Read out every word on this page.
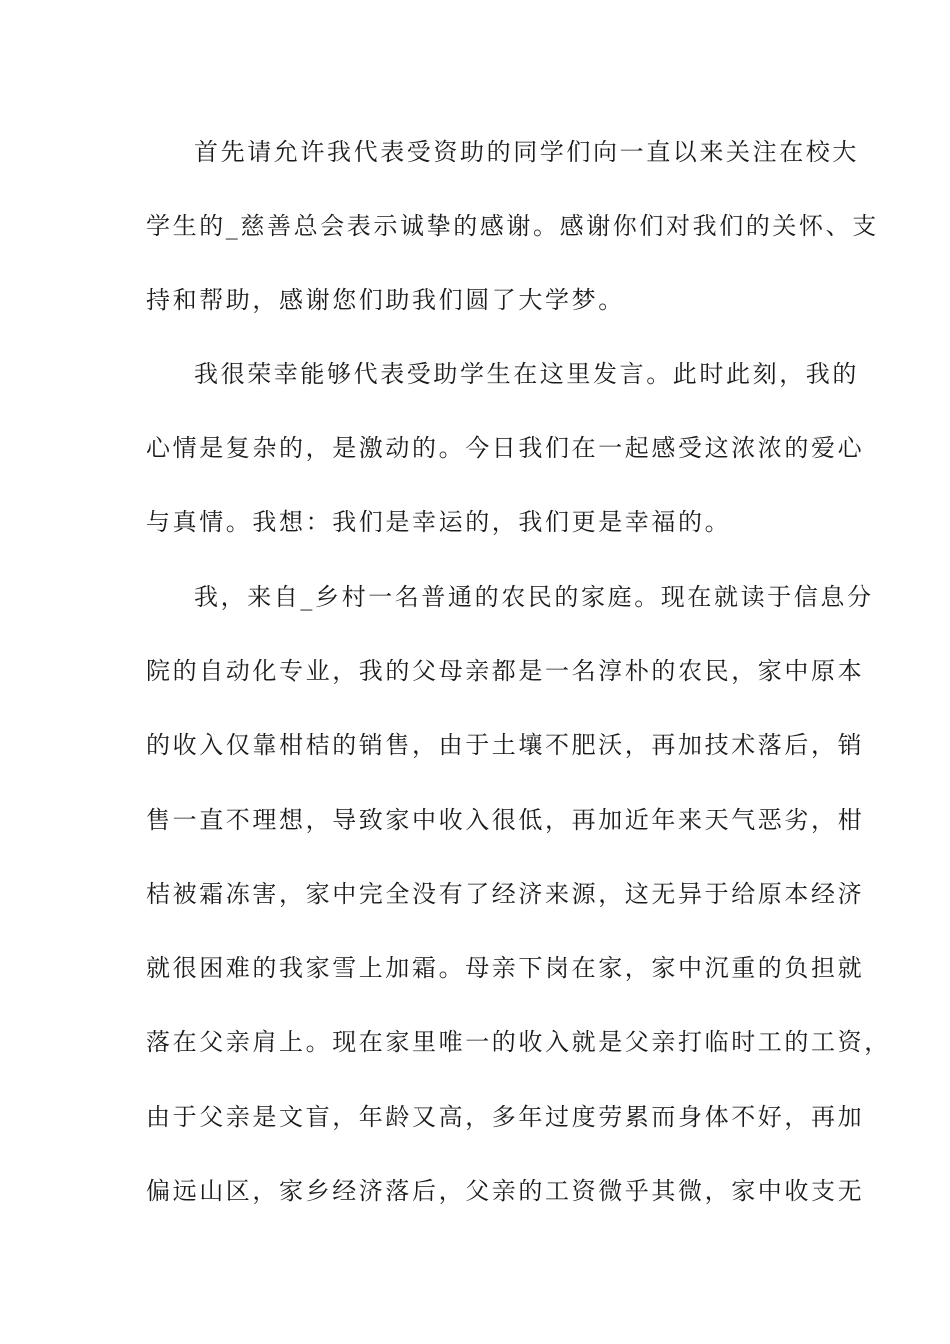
首先请允许我代表受资助的同学们向一直以来关注在校大
学生的_慈善总会表示诚挚的感谢。感谢你们对我们的关怀、支
持和帮助，感谢您们助我们圆了大学梦。
我很荣幸能够代表受助学生在这里发言。此时此刻，我的
心情是复杂的，是激动的。今日我们在一起感受这浓浓的爱心
与真情。我想：我们是幸运的，我们更是幸福的。
我，来自_乡村一名普通的农民的家庭。现在就读于信息分
院的自动化专业，我的父母亲都是一名淳朴的农民，家中原本
的收入仅靠柑桔的销售，由于土壤不肥沃，再加技术落后，销
售一直不理想，导致家中收入很低，再加近年来天气恶劣，柑
桔被霜冻害，家中完全没有了经济来源，这无异于给原本经济
就很困难的我家雪上加霜。母亲下岗在家，家中沉重的负担就
落在父亲肩上。现在家里唯一的收入就是父亲打临时工的工资，
由于父亲是文盲，年龄又高，多年过度劳累而身体不好，再加
偏远山区，家乡经济落后，父亲的工资微乎其微，家中收支无
